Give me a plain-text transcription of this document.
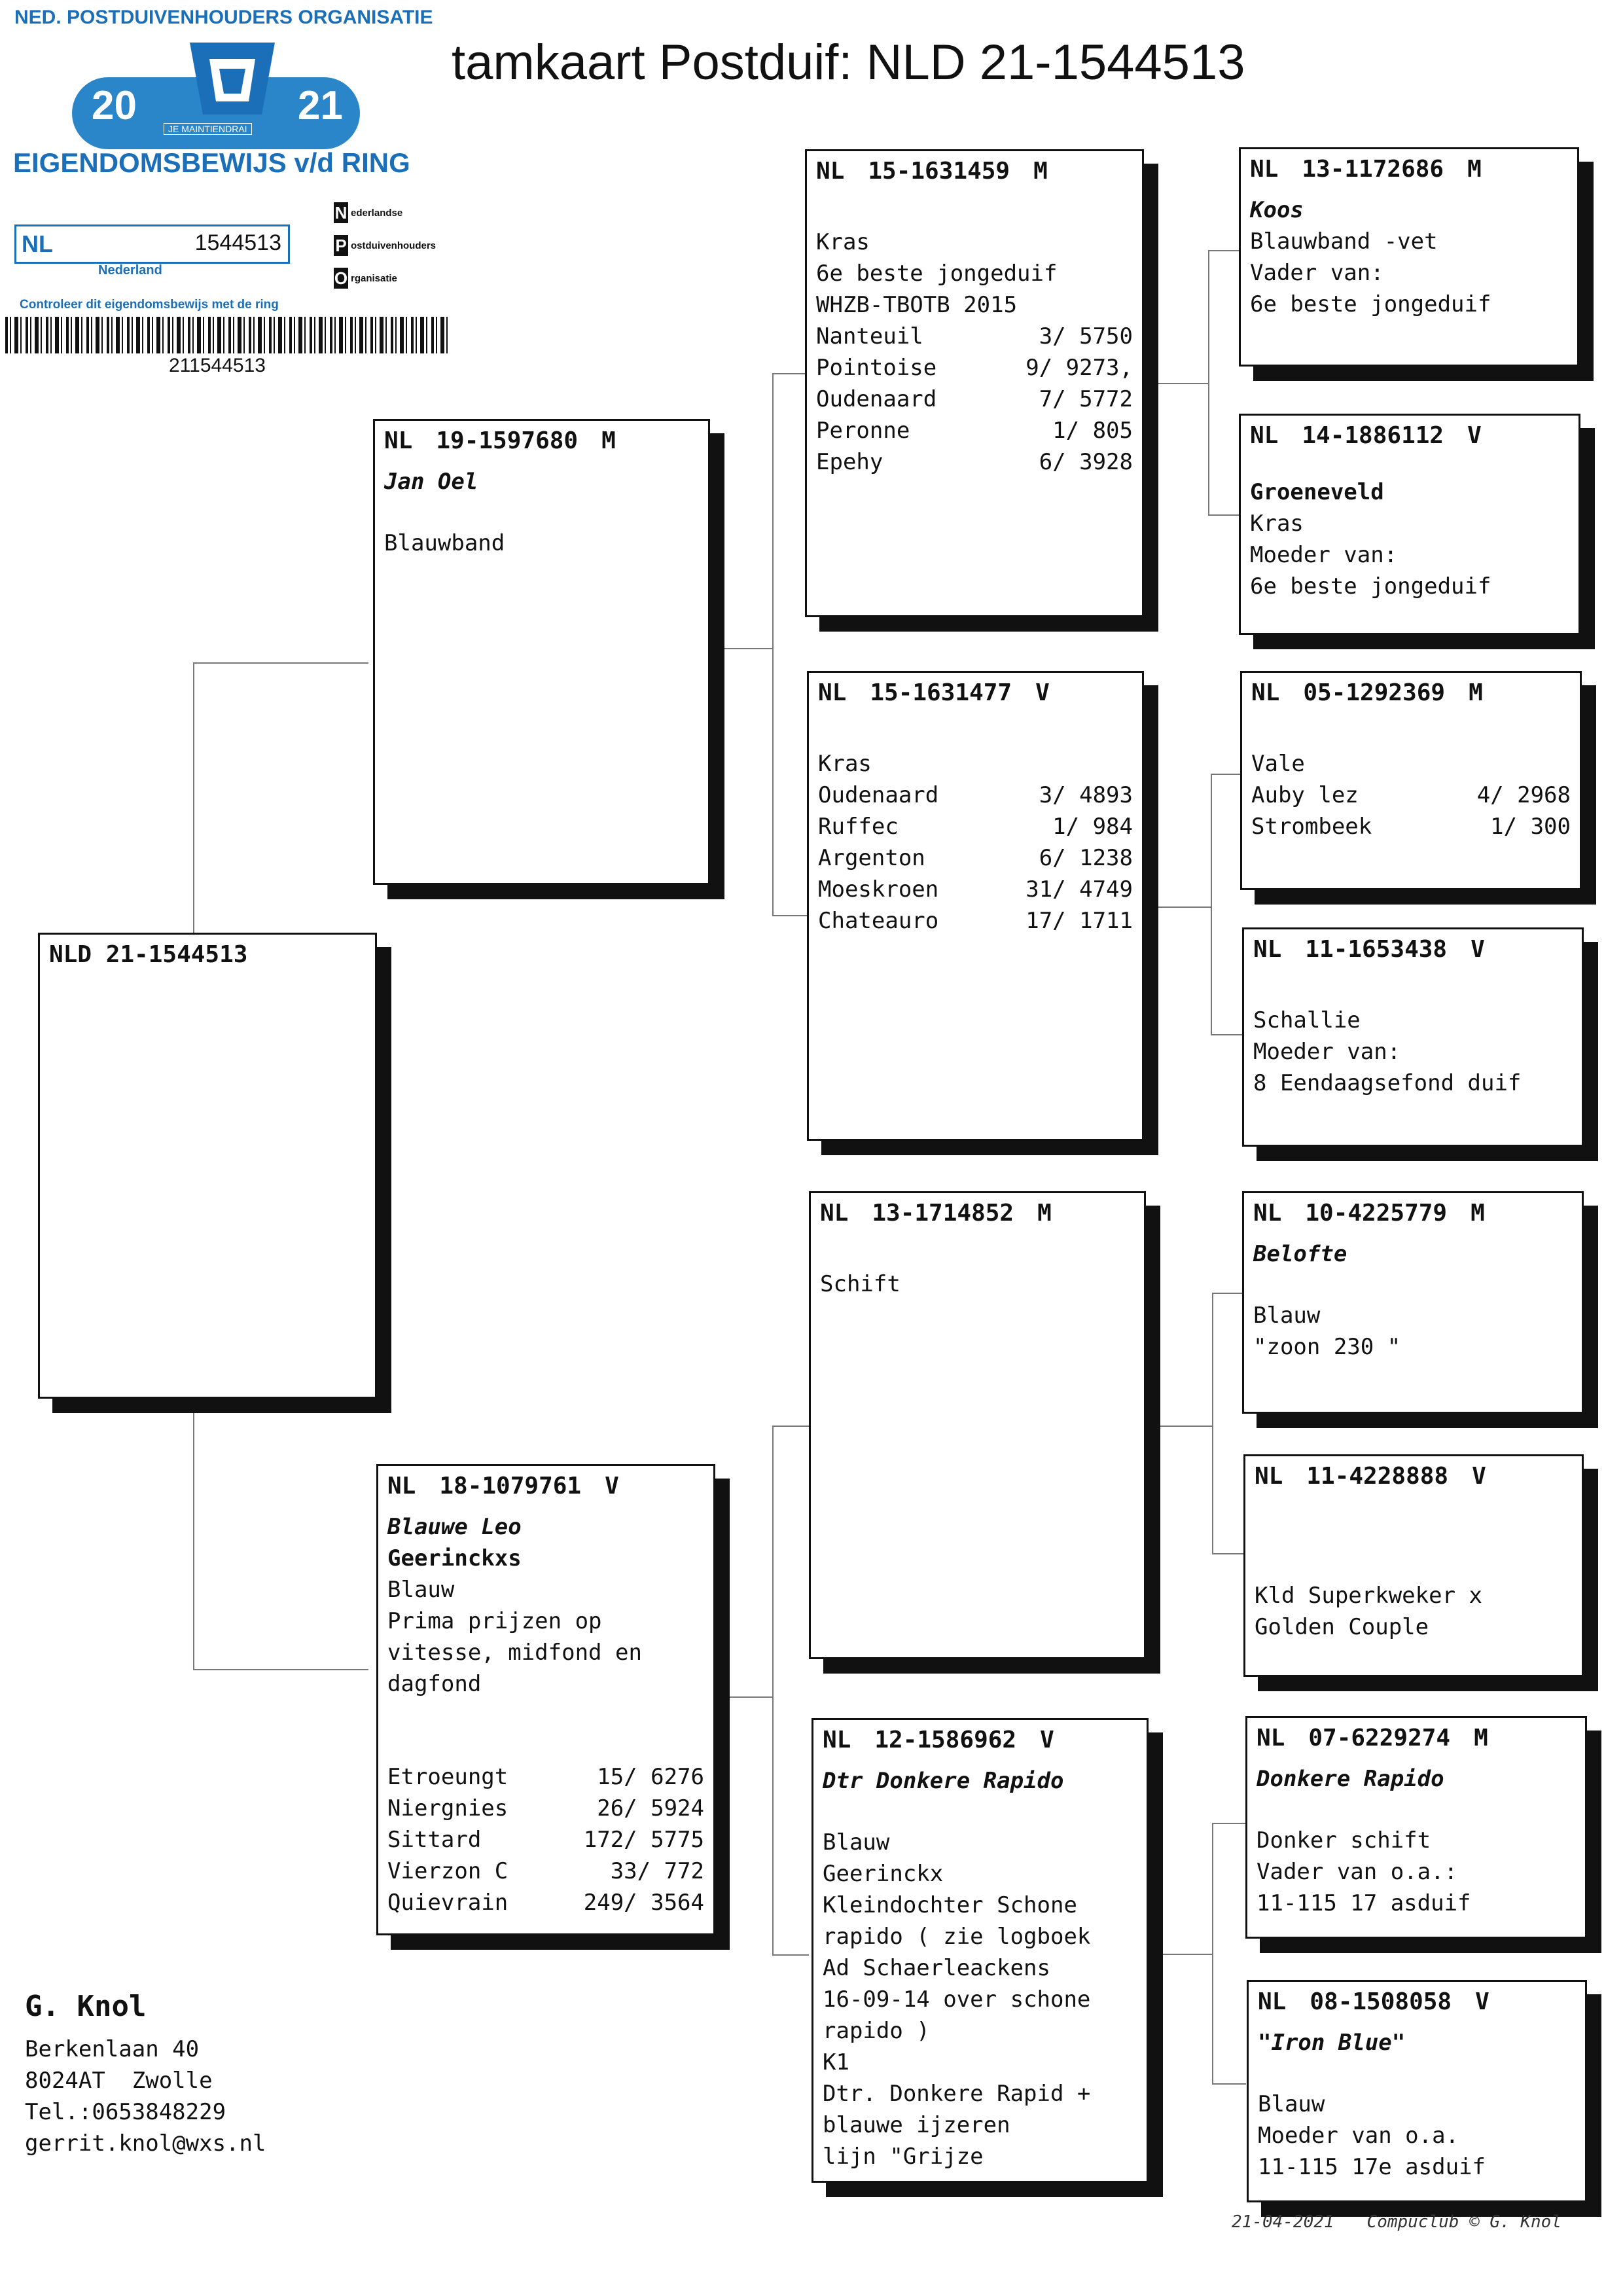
NED. POSTDUIVENHOUDERS ORGANISATIE
20	21
JE MAINTIENDRAI
EIGENDOMSBEWIJS v/d RING
NL	1544513
N ederlandse
P ostduivenhouders
O rganisatie
Nederland
Controleer dit eigendomsbewijs met de ring
211544513
tamkaart Postduif: NLD 21-1544513
NLD 21-1544513
NL 19-1597680 M
Jan Oel
Blauwband
NL 18-1079761 V
Blauwe Leo
Geerinckxs
Blauw
Prima prijzen op
vitesse, midfond en
dagfond
Etroeungt	15/ 6276
Niergnies	26/ 5924
Sittard	172/ 5775
Vierzon C	33/ 772
Quievrain	249/ 3564
NL 15-1631459 M
Kras
6e beste jongeduif
WHZB-TBOTB 2015
Nanteuil	3/ 5750
Pointoise	9/ 9273,
Oudenaard	7/ 5772
Peronne	1/ 805
Epehy	6/ 3928
NL 15-1631477 V
Kras
Oudenaard	3/ 4893
Ruffec	1/ 984
Argenton	6/ 1238
Moeskroen	31/ 4749
Chateauro	17/ 1711
NL 13-1714852 M
Schift
NL 12-1586962 V
Dtr Donkere Rapido
Blauw
Geerinckx
Kleindochter Schone
rapido ( zie logboek
Ad Schaerleackens
16-09-14 over schone
rapido )
K1
Dtr. Donkere Rapid +
blauwe ijzeren
lijn "Grijze
NL 13-1172686 M
Koos
Blauwband -vet
Vader van:
6e beste jongeduif
NL 14-1886112 V
Groeneveld
Kras
Moeder van:
6e beste jongeduif
NL 05-1292369 M
Vale
Auby lez	4/ 2968
Strombeek	1/ 300
NL 11-1653438 V
Schallie
Moeder van:
8 Eendaagsefond duif
NL 10-4225779 M
Belofte
Blauw
"zoon 230 "
NL 11-4228888 V
Kld Superkweker x
Golden Couple
NL 07-6229274 M
Donkere Rapido
Donker schift
Vader van o.a.:
11-115 17 asduif
NL 08-1508058 V
"Iron Blue"
Blauw
Moeder van o.a.
11-115 17e asduif
G. Knol
Berkenlaan 40
8024AT  Zwolle
Tel.:0653848229
gerrit.knol@wxs.nl
21-04-2021 Compuclub © G. Knol
